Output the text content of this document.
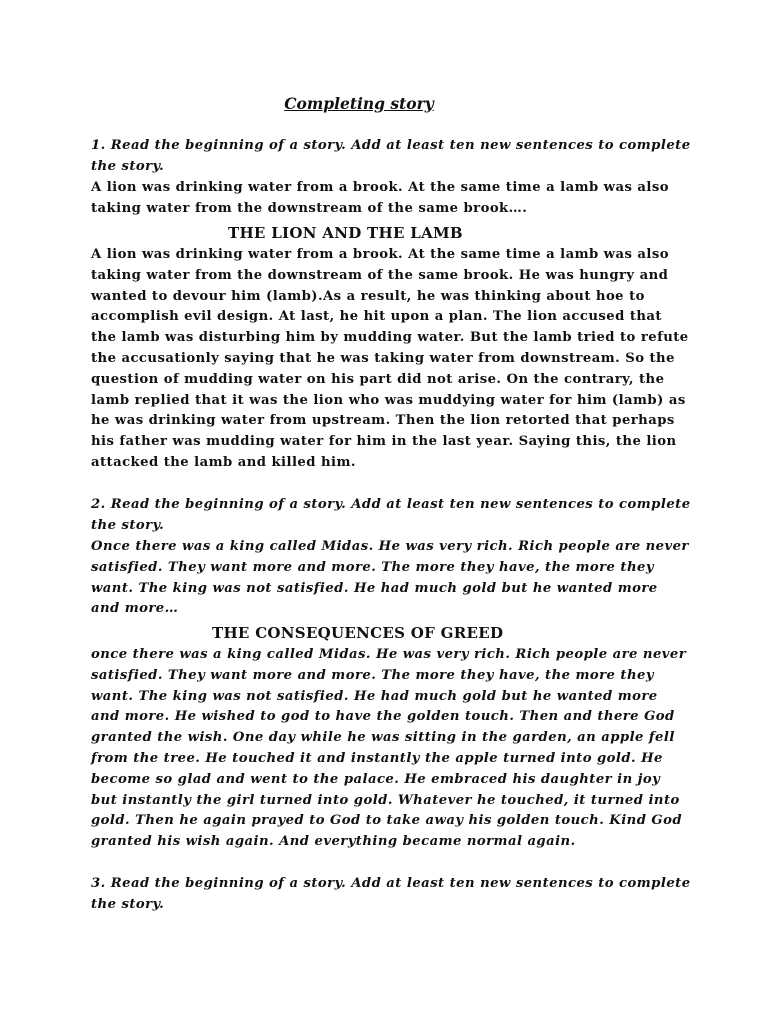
Completing story

1. Read the beginning of a story. Add at least ten new sentences to complete the story.

A lion was drinking water from a brook. At the same time a lamb was also taking water from the downstream of the same brook….

THE LION AND THE LAMB

A lion was drinking water from a brook. At the same time a lamb was also taking water from the downstream of the same brook. He was hungry and wanted to devour him (lamb).As a result, he was thinking about hoe to accomplish evil design. At last, he hit upon a plan. The lion accused that the lamb was disturbing him by mudding water. But the lamb tried to refute the accusationly saying that he was taking water from downstream. So the question of mudding water on his part did not arise. On the contrary, the lamb replied that it was the lion who was muddying water for him (lamb) as he was drinking water from upstream. Then the lion retorted that perhaps his father was mudding water for him in the last year. Saying this, the lion attacked the lamb and killed him.

2. Read the beginning of a story. Add at least ten new sentences to complete the story.

Once there was a king called Midas. He was very rich. Rich people are never satisfied. They want more and more. The more they have, the more they want. The king was not satisfied. He had much gold but he wanted more and more…

THE CONSEQUENCES OF GREED

once there was a king called Midas. He was very rich. Rich people are never satisfied. They want more and more. The more they have, the more they want. The king was not satisfied. He had much gold but he wanted more and more. He wished to god to have the golden touch. Then and there God granted the wish. One day while he was sitting in the garden, an apple fell from the tree. He touched it and instantly the apple turned into gold. He become so glad and went to the palace. He embraced his daughter in joy but instantly the girl turned into gold. Whatever he touched, it turned into gold. Then he again prayed to God to take away his golden touch. Kind God granted his wish again. And everything became normal again.

3. Read the beginning of a story. Add at least ten new sentences to complete the story.
